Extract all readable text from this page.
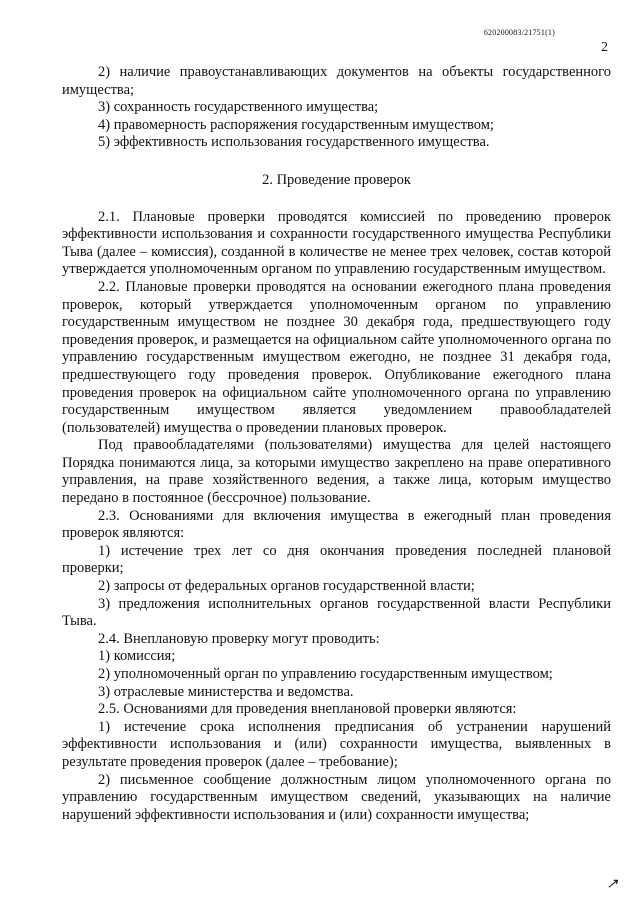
620200083/21751(1)
2

2) наличие правоустанавливающих документов на объекты государственного имущества;

3) сохранность государственного имущества;

4) правомерность распоряжения государственным имуществом;

5) эффективность использования государственного имущества.

2. Проведение проверок

2.1. Плановые проверки проводятся комиссией по проведению проверок эффективности использования и сохранности государственного имущества Республики Тыва (далее – комиссия), созданной в количестве не менее трех человек, состав которой утверждается уполномоченным органом по управлению государственным имуществом.

2.2. Плановые проверки проводятся на основании ежегодного плана проведения проверок, который утверждается уполномоченным органом по управлению государственным имуществом не позднее 30 декабря года, предшествующего году проведения проверок, и размещается на официальном сайте уполномоченного органа по управлению государственным имуществом ежегодно, не позднее 31 декабря года, предшествующего году проведения проверок. Опубликование ежегодного плана проведения проверок на официальном сайте уполномоченного органа по управлению государственным имуществом является уведомлением правообладателей (пользователей) имущества о проведении плановых проверок.

Под правообладателями (пользователями) имущества для целей настоящего Порядка понимаются лица, за которыми имущество закреплено на праве оперативного управления, на праве хозяйственного ведения, а также лица, которым имущество передано в постоянное (бессрочное) пользование.

2.3. Основаниями для включения имущества в ежегодный план проведения проверок являются:

1) истечение трех лет со дня окончания проведения последней плановой проверки;

2) запросы от федеральных органов государственной власти;

3) предложения исполнительных органов государственной власти Республики Тыва.

2.4. Внеплановую проверку могут проводить:

1) комиссия;

2) уполномоченный орган по управлению государственным имуществом;

3) отраслевые министерства и ведомства.

2.5. Основаниями для проведения внеплановой проверки являются:

1) истечение срока исполнения предписания об устранении нарушений эффективности использования и (или) сохранности имущества, выявленных в результате проведения проверок (далее – требование);

2) письменное сообщение должностным лицом уполномоченного органа по управлению государственным имуществом сведений, указывающих на наличие нарушений эффективности использования и (или) сохранности имущества;

↗
